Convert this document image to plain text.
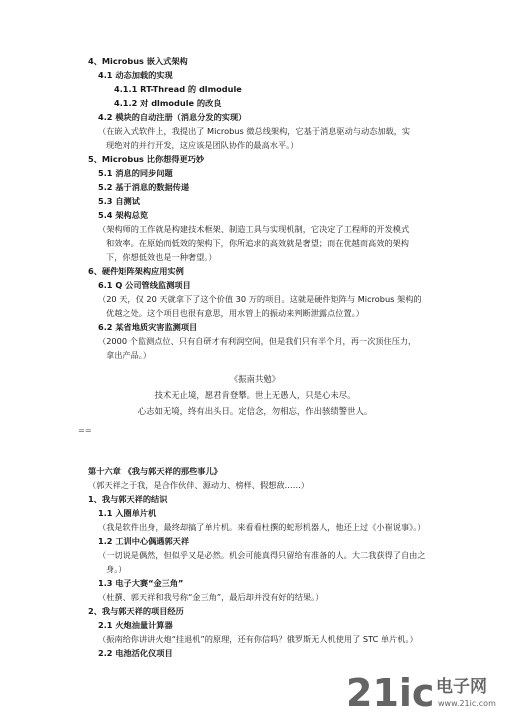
4、Microbus 嵌入式架构
4.1 动态加载的实现
4.1.1 RT-Thread 的 dlmodule
4.1.2 对 dlmodule 的改良
4.2 模块的自动注册（消息分发的实现）
（在嵌入式软件上，我提出了 Microbus 微总线架构，它基于消息驱动与动态加载，实
现绝对的并行开发，这应该是团队协作的最高水平。）
5、Microbus 比你想得更巧妙
5.1 消息的同步问题
5.2 基于消息的数据传递
5.3 自测试
5.4 架构总览
（架构师的工作就是构建技术框架、制造工具与实现机制，它决定了工程师的开发模式
和效率。在原始而低效的架构下，你所追求的高效就是奢望；而在优越而高效的架构
下，你想低效也是一种奢望。）
6、硬件矩阵架构应用实例
6.1 Q 公司管线监测项目
（20 天，仅 20 天就拿下了这个价值 30 万的项目。这就是硬件矩阵与 Microbus 架构的
优越之处。这个项目也很有意思，用水管上的振动来判断泄露点位置。）
6.2 某省地质灾害监测项目
（2000 个监测点位、只有自研才有利润空间，但是我们只有半个月，再一次顶住压力，
拿出产品。）
《振南共勉》
技术无止境，愿君肯登攀。世上无愚人，只是心未尽。
心志如无境，终有出头日。定信念，勿相忘，作出骇绩警世人。
==
第十六章 《我与郭天祥的那些事儿》
（郭天祥之于我，是合作伙伴、源动力、榜样、假想敌……）
1、我与郭天祥的结识
1.1 入圈单片机
（我是软件出身，最终却搞了单片机。来看看杜撰的蛇形机器人，他还上过《小崔说事》。）
1.2 工训中心偶遇郭天祥
（一切说是偶然，但似乎又是必然。机会可能真得只留给有准备的人。大二我获得了自由之
身。）
1.3 电子大赛“金三角”
（杜撰、郭天祥和我号称“金三角”，最后却并没有好的结果。）
2、我与郭天祥的项目经历
2.1 火炮油量计算器
（振南给你讲讲火炮“挂退机”的原理，还有你信吗？俄罗斯无人机使用了 STC 单片机。）
2.2 电池活化仪项目
21ic 电子网
www.21ic.com
